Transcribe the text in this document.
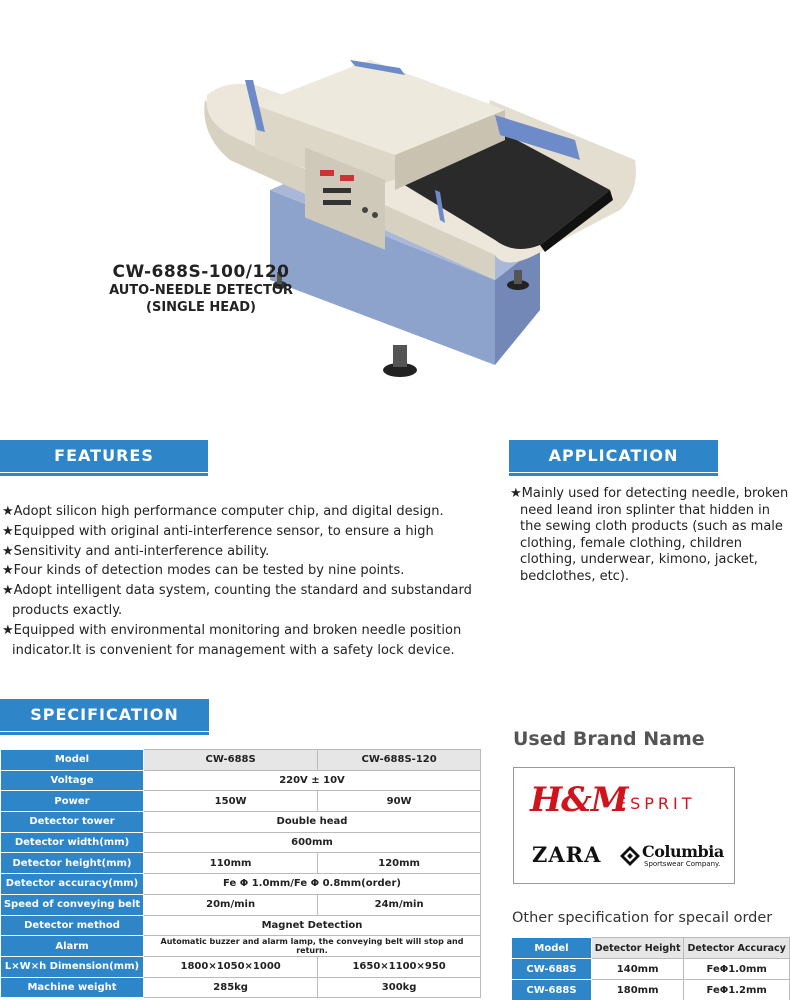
CW-688S-100/120
AUTO-NEEDLE DETECTOR
(SINGLE HEAD)
FEATURES
★Adopt silicon high performance computer chip, and digital design.
★Equipped with original anti-interference sensor, to ensure a high
★Sensitivity and anti-interference ability.
★Four kinds of detection modes can be tested by nine points.
★Adopt intelligent data system, counting the standard and substandard products exactly.
★Equipped with environmental monitoring and broken needle position indicator.It is convenient for management with a safety lock device.
APPLICATION
★Mainly used for detecting needle, broken need leand iron splinter that hidden in the sewing cloth products (such as male clothing, female clothing, children clothing, underwear, kimono, jacket, bedclothes, etc).
SPECIFICATION
Model	CW-688S	CW-688S-120
Voltage	220V ± 10V	
Power	150W	90W
Detector tower	Double head	
Detector width(mm)	600mm	
Detector height(mm)	110mm	120mm
Detector accuracy(mm)	Fe Φ 1.0mm/Fe Φ 0.8mm(order)	
Speed of conveying belt	20m/min	24m/min
Detector method	Magnet Detection	
Alarm	Automatic buzzer and alarm lamp, the conveying belt will stop and return.	
L×W×h Dimension(mm)	1800×1050×1000	1650×1100×950
Machine weight	285kg	300kg
Used Brand Name
H&M
ESPRIT
ZARA	Columbia
Sportswear Company.
Other specification for specail order
Model	Detector Height	Detector Accuracy
CW-688S	140mm	FeΦ1.0mm
CW-688S	180mm	FeΦ1.2mm
